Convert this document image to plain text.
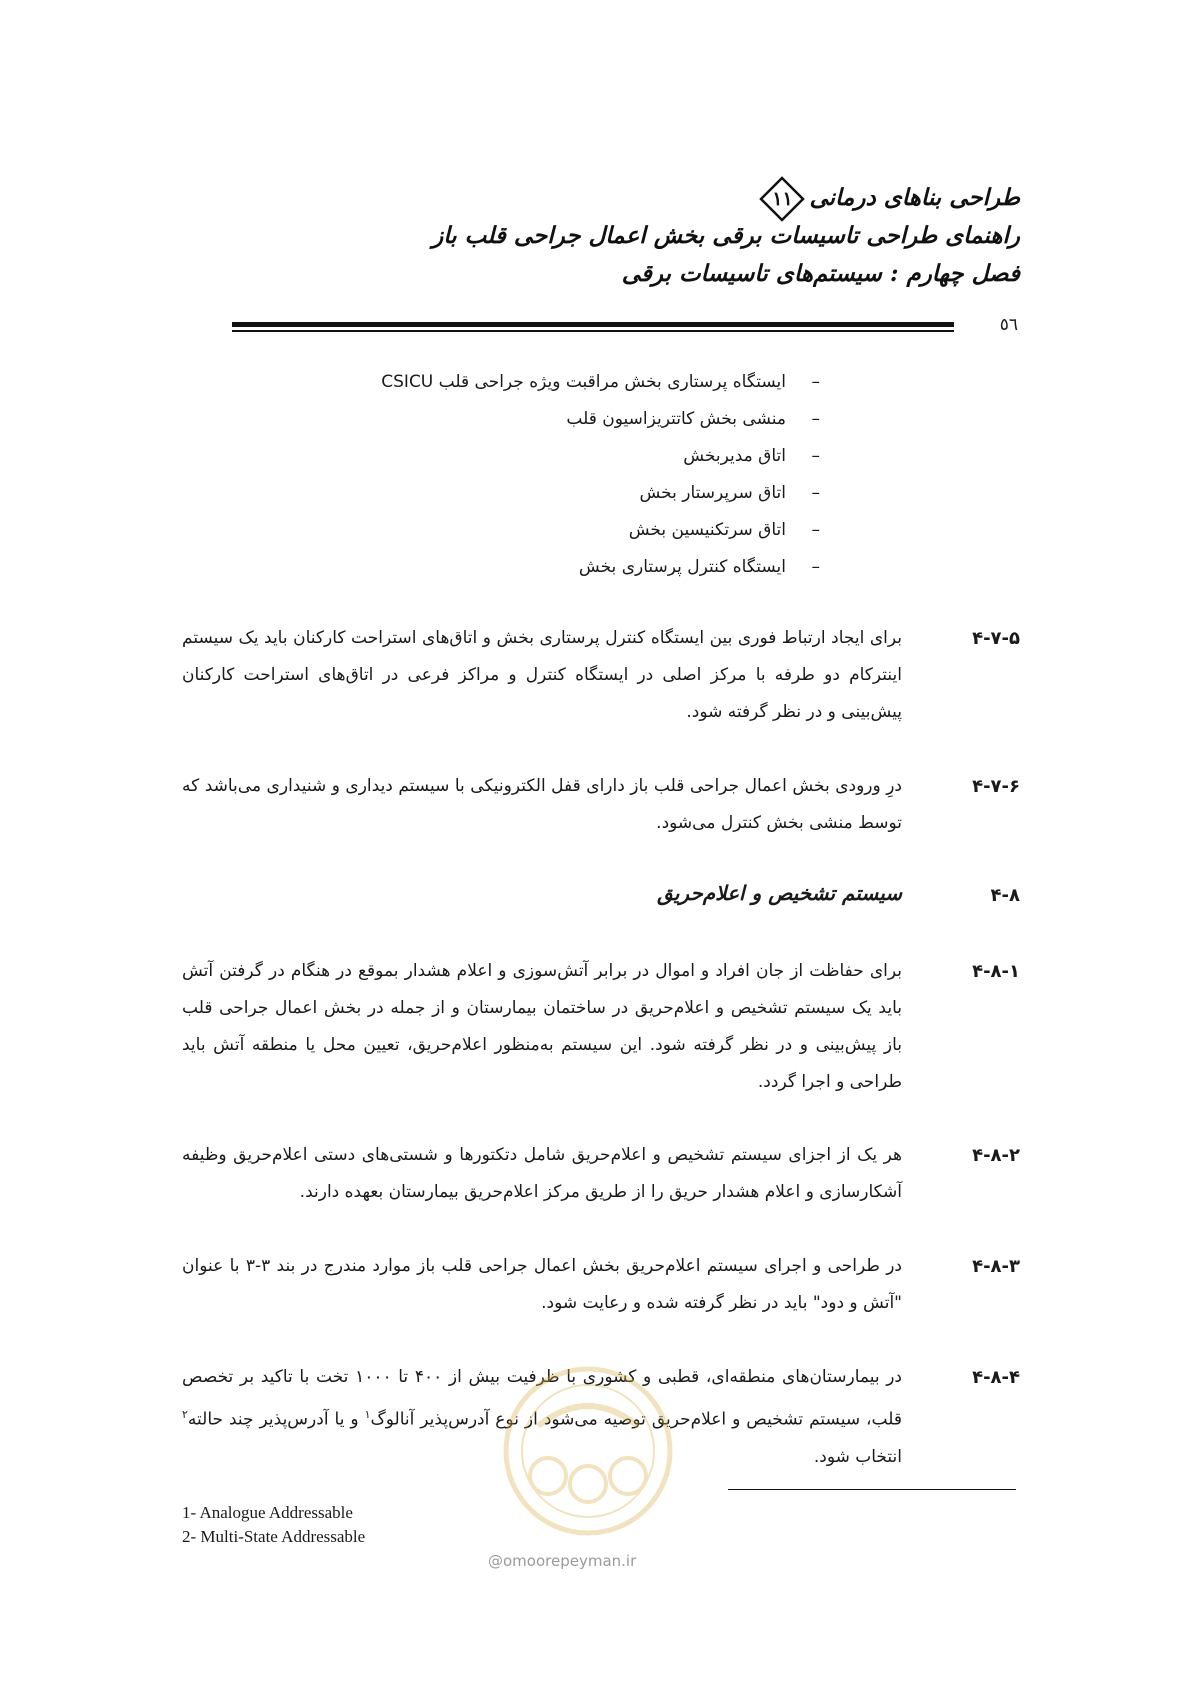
طراحی بناهای درمانی
۱۱
راهنمای طراحی تاسیسات برقی بخش اعمال جراحی قلب باز
فصل چهارم : سیستم‌های تاسیسات برقی
٥٦
–ایستگاه پرستاری بخش مراقبت ویژه جراحی قلب CSICU
–منشی بخش کاتتریزاسیون قلب
–اتاق مدیربخش
–اتاق سرپرستار بخش
–اتاق سرتکنیسین بخش
–ایستگاه کنترل پرستاری بخش
۴-۷-۵
برای ایجاد ارتباط فوری بین ایستگاه کنترل پرستاری بخش و اتاق‌های استراحت کارکنان باید یک سیستم اینترکام دو طرفه با مرکز اصلی در ایستگاه کنترل و مراکز فرعی در اتاق‌های استراحت کارکنان پیش‌بینی و در نظر گرفته شود.
۴-۷-۶
درِ ورودی بخش اعمال جراحی قلب باز دارای قفل الکترونیکی با سیستم دیداری و شنیداری می‌باشد که توسط منشی بخش کنترل می‌شود.
۴-۸
سیستم تشخیص و اعلام‌حریق
۴-۸-۱
برای حفاظت از جان افراد و اموال در برابر آتش‌سوزی و اعلام هشدار بموقع در هنگام در گرفتن آتش باید یک سیستم تشخیص و اعلام‌حریق در ساختمان بیمارستان و از جمله در بخش اعمال جراحی قلب باز پیش‌بینی و در نظر گرفته شود. این سیستم به‌منظور اعلام‌حریق، تعیین محل یا منطقه آتش باید طراحی و اجرا گردد.
۴-۸-۲
هر یک از اجزای سیستم تشخیص و اعلام‌حریق شامل دتکتورها و شستی‌های دستی اعلام‌حریق وظیفه آشکارسازی و اعلام هشدار حریق را از طریق مرکز اعلام‌حریق بیمارستان بعهده دارند.
۴-۸-۳
در طراحی و اجرای سیستم اعلام‌حریق بخش اعمال جراحی قلب باز موارد مندرج در بند ۳-۳ با عنوان "آتش و دود" باید در نظر گرفته شده و رعایت شود.
۴-۸-۴
در بیمارستان‌های منطقه‌ای، قطبی و کشوری با ظرفیت بیش از ۴۰۰ تا ۱۰۰۰ تخت با تاکید بر تخصص قلب، سیستم تشخیص و اعلام‌حریق توصیه می‌شود از نوع آدرس‌پذیر آنالوگ$^۱$ و یا آدرس‌پذیر چند حالته$^۲$ انتخاب شود.
@omoorepeyman.ir
1- Analogue Addressable
2- Multi-State Addressable
